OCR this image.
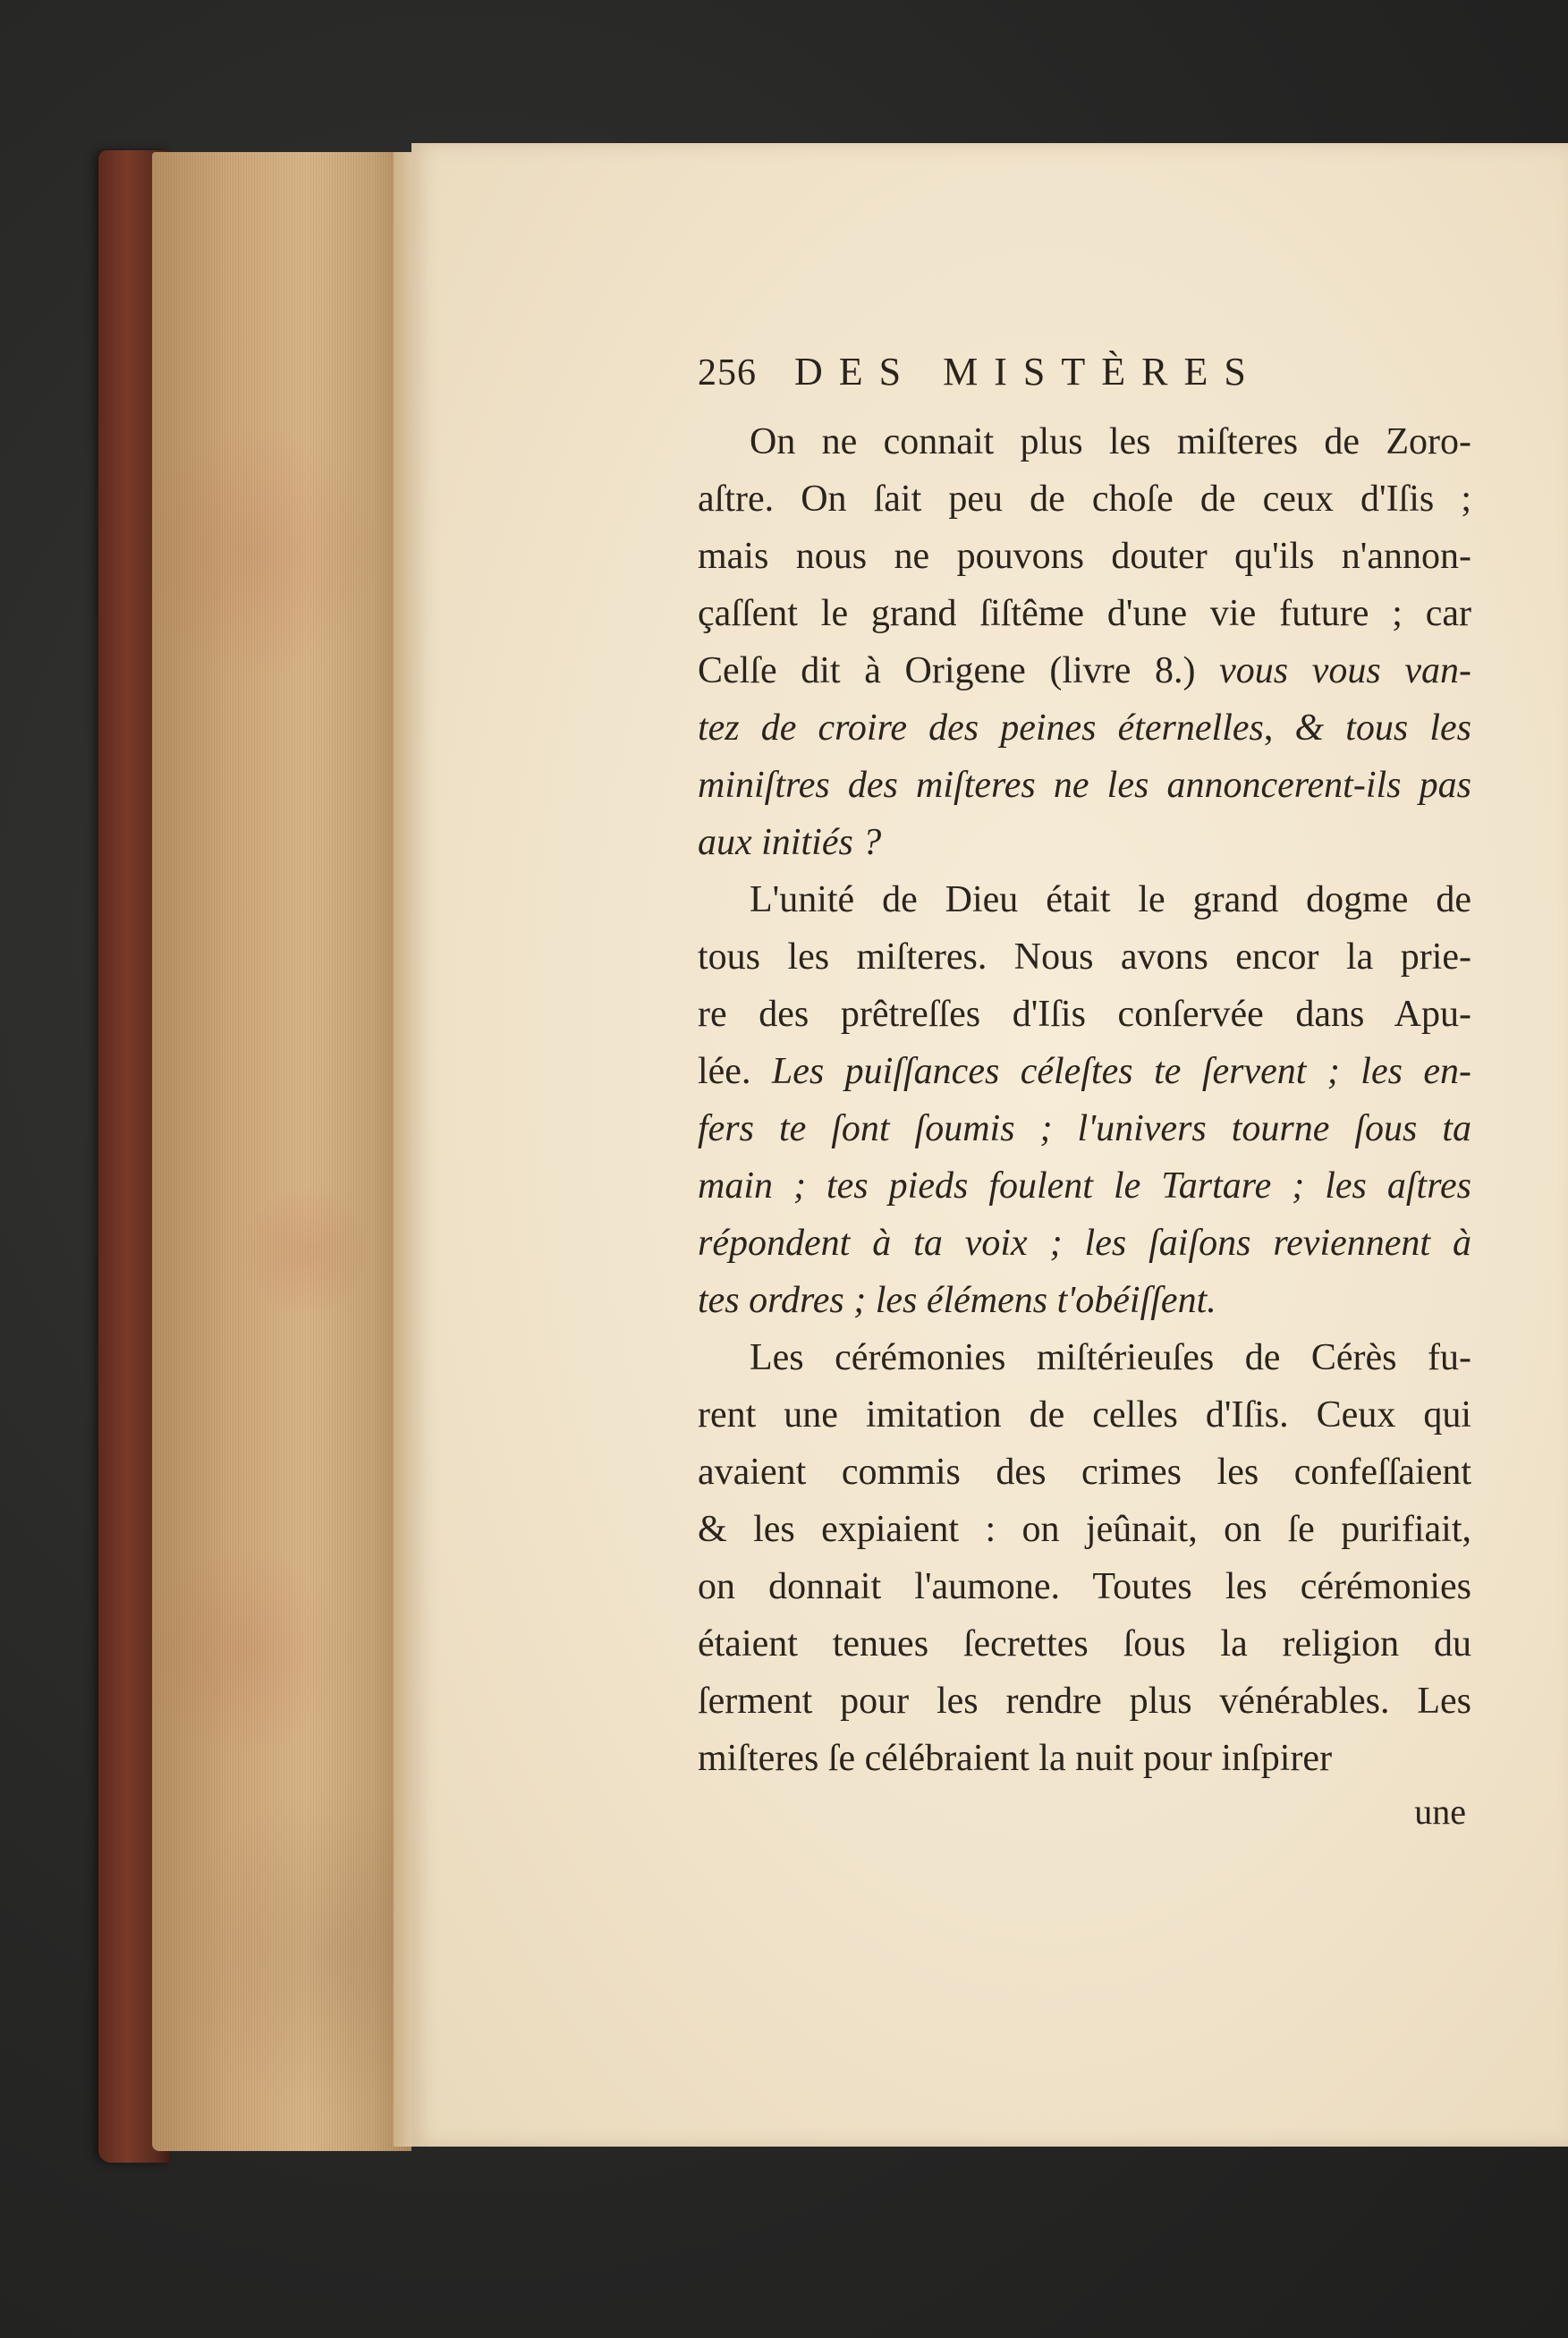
256 DES MISTÈRES
On ne connait plus les miſteres de Zoro-
aſtre. On ſait peu de choſe de ceux d'Iſis ;
mais nous ne pouvons douter qu'ils n'annon-
çaſſent le grand ſiſtême d'une vie future ; car
Celſe dit à Origene (livre 8.) vous vous van-
tez de croire des peines éternelles, & tous les
miniſtres des miſteres ne les annoncerent-ils pas
aux initiés ?
L'unité de Dieu était le grand dogme de
tous les miſteres. Nous avons encor la prie-
re des prêtreſſes d'Iſis conſervée dans Apu-
lée. Les puiſſances céleſtes te ſervent ; les en-
fers te ſont ſoumis ; l'univers tourne ſous ta
main ; tes pieds foulent le Tartare ; les aſtres
répondent à ta voix ; les ſaiſons reviennent à
tes ordres ; les élémens t'obéiſſent.
Les cérémonies miſtérieuſes de Cérès fu-
rent une imitation de celles d'Iſis. Ceux qui
avaient commis des crimes les confeſſaient
& les expiaient : on jeûnait, on ſe purifiait,
on donnait l'aumone. Toutes les cérémonies
étaient tenues ſecrettes ſous la religion du
ſerment pour les rendre plus vénérables. Les
miſteres ſe célébraient la nuit pour inſpirer
une
